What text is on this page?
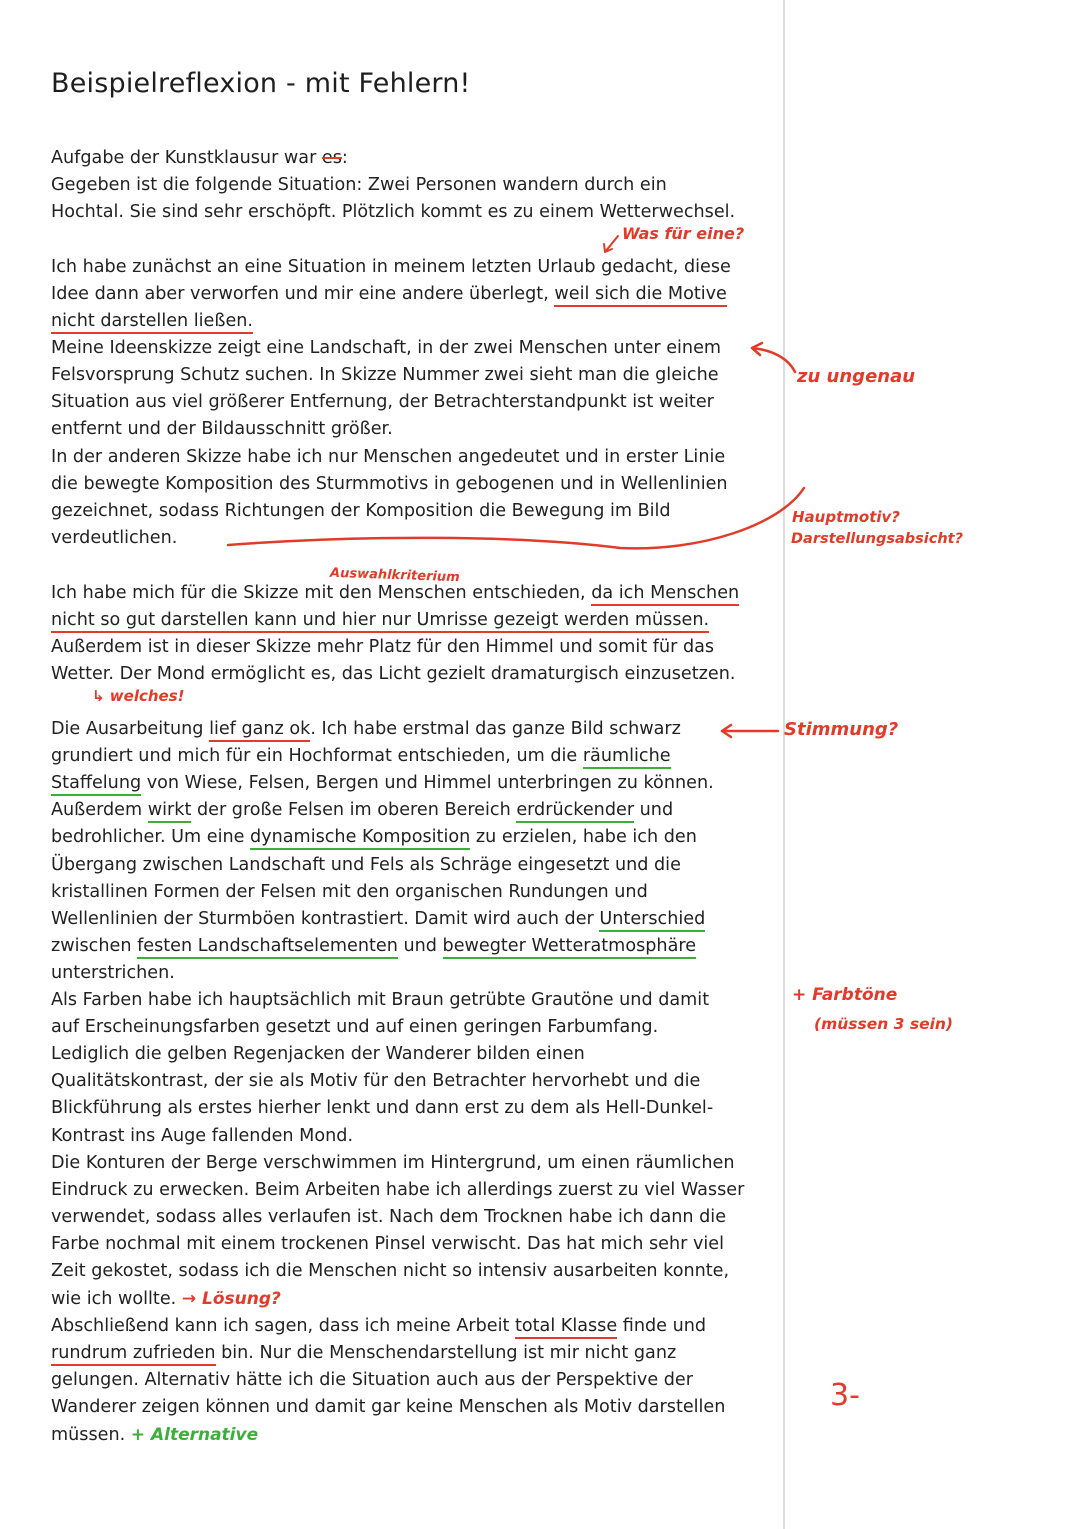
Beispielreflexion - mit Fehlern!
Aufgabe der Kunstklausur war es:
Gegeben ist die folgende Situation: Zwei Personen wandern durch ein
Hochtal. Sie sind sehr erschöpft. Plötzlich kommt es zu einem Wetterwechsel.
Ich habe zunächst an eine Situation in meinem letzten Urlaub gedacht, diese
Idee dann aber verworfen und mir eine andere überlegt, weil sich die Motive
nicht darstellen ließen.
Meine Ideenskizze zeigt eine Landschaft, in der zwei Menschen unter einem
Felsvorsprung Schutz suchen. In Skizze Nummer zwei sieht man die gleiche
Situation aus viel größerer Entfernung, der Betrachterstandpunkt ist weiter
entfernt und der Bildausschnitt größer.
In der anderen Skizze habe ich nur Menschen angedeutet und in erster Linie
die bewegte Komposition des Sturmmotivs in gebogenen und in Wellenlinien
gezeichnet, sodass Richtungen der Komposition die Bewegung im Bild
verdeutlichen.
Ich habe mich für die Skizze mit den Menschen entschieden, da ich Menschen
nicht so gut darstellen kann und hier nur Umrisse gezeigt werden müssen.
Außerdem ist in dieser Skizze mehr Platz für den Himmel und somit für das
Wetter. Der Mond ermöglicht es, das Licht gezielt dramaturgisch einzusetzen.
Die Ausarbeitung lief ganz ok. Ich habe erstmal das ganze Bild schwarz
grundiert und mich für ein Hochformat entschieden, um die räumliche
Staffelung von Wiese, Felsen, Bergen und Himmel unterbringen zu können.
Außerdem wirkt der große Felsen im oberen Bereich erdrückender und
bedrohlicher. Um eine dynamische Komposition zu erzielen, habe ich den
Übergang zwischen Landschaft und Fels als Schräge eingesetzt und die
kristallinen Formen der Felsen mit den organischen Rundungen und
Wellenlinien der Sturmböen kontrastiert. Damit wird auch der Unterschied
zwischen festen Landschaftselementen und bewegter Wetteratmosphäre
unterstrichen.
Als Farben habe ich hauptsächlich mit Braun getrübte Grautöne und damit
auf Erscheinungsfarben gesetzt und auf einen geringen Farbumfang.
Lediglich die gelben Regenjacken der Wanderer bilden einen
Qualitätskontrast, der sie als Motiv für den Betrachter hervorhebt und die
Blickführung als erstes hierher lenkt und dann erst zu dem als Hell-Dunkel-
Kontrast ins Auge fallenden Mond.
Die Konturen der Berge verschwimmen im Hintergrund, um einen räumlichen
Eindruck zu erwecken. Beim Arbeiten habe ich allerdings zuerst zu viel Wasser
verwendet, sodass alles verlaufen ist. Nach dem Trocknen habe ich dann die
Farbe nochmal mit einem trockenen Pinsel verwischt. Das hat mich sehr viel
Zeit gekostet, sodass ich die Menschen nicht so intensiv ausarbeiten konnte,
wie ich wollte. → Lösung?
Abschließend kann ich sagen, dass ich meine Arbeit total Klasse finde und
rundrum zufrieden bin. Nur die Menschendarstellung ist mir nicht ganz
gelungen. Alternativ hätte ich die Situation auch aus der Perspektive der
Wanderer zeigen können und damit gar keine Menschen als Motiv darstellen
müssen. + Alternative
Was für eine?
zu ungenau
Hauptmotiv?
Darstellungsabsicht?
Auswahlkriterium
↳ welches!
Stimmung?
+ Farbtöne
(müssen 3 sein)
3-
